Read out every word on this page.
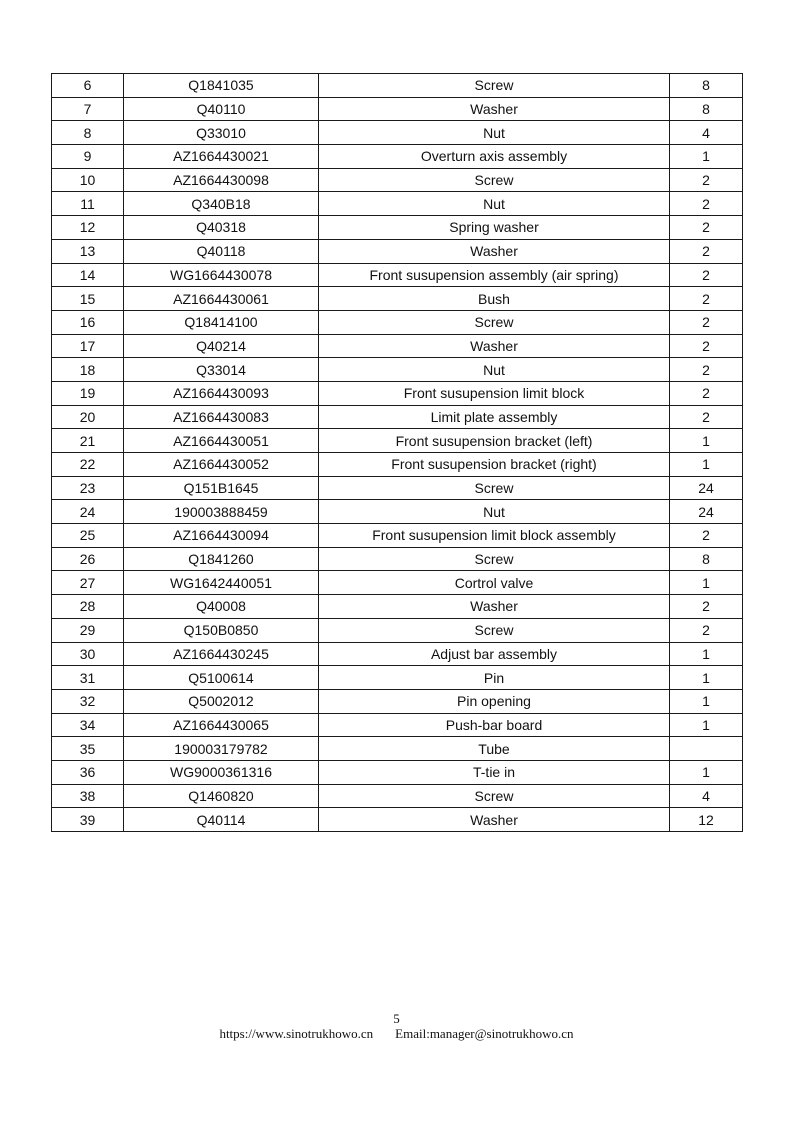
6	Q1841035	Screw	8
7	Q40110	Washer	8
8	Q33010	Nut	4
9	AZ1664430021	Overturn axis assembly	1
10	AZ1664430098	Screw	2
11	Q340B18	Nut	2
12	Q40318	Spring washer	2
13	Q40118	Washer	2
14	WG1664430078	Front susupension assembly (air spring)	2
15	AZ1664430061	Bush	2
16	Q18414100	Screw	2
17	Q40214	Washer	2
18	Q33014	Nut	2
19	AZ1664430093	Front susupension limit block	2
20	AZ1664430083	Limit plate assembly	2
21	AZ1664430051	Front susupension bracket (left)	1
22	AZ1664430052	Front susupension bracket (right)	1
23	Q151B1645	Screw	24
24	190003888459	Nut	24
25	AZ1664430094	Front susupension limit block assembly	2
26	Q1841260	Screw	8
27	WG1642440051	Cortrol valve	1
28	Q40008	Washer	2
29	Q150B0850	Screw	2
30	AZ1664430245	Adjust bar assembly	1
31	Q5100614	Pin	1
32	Q5002012	Pin opening	1
34	AZ1664430065	Push-bar board	1
35	190003179782	Tube	
36	WG9000361316	T-tie in	1
38	Q1460820	Screw	4
39	Q40114	Washer	12
5
https://www.sinotrukhowo.cn Email:manager@sinotrukhowo.cn
